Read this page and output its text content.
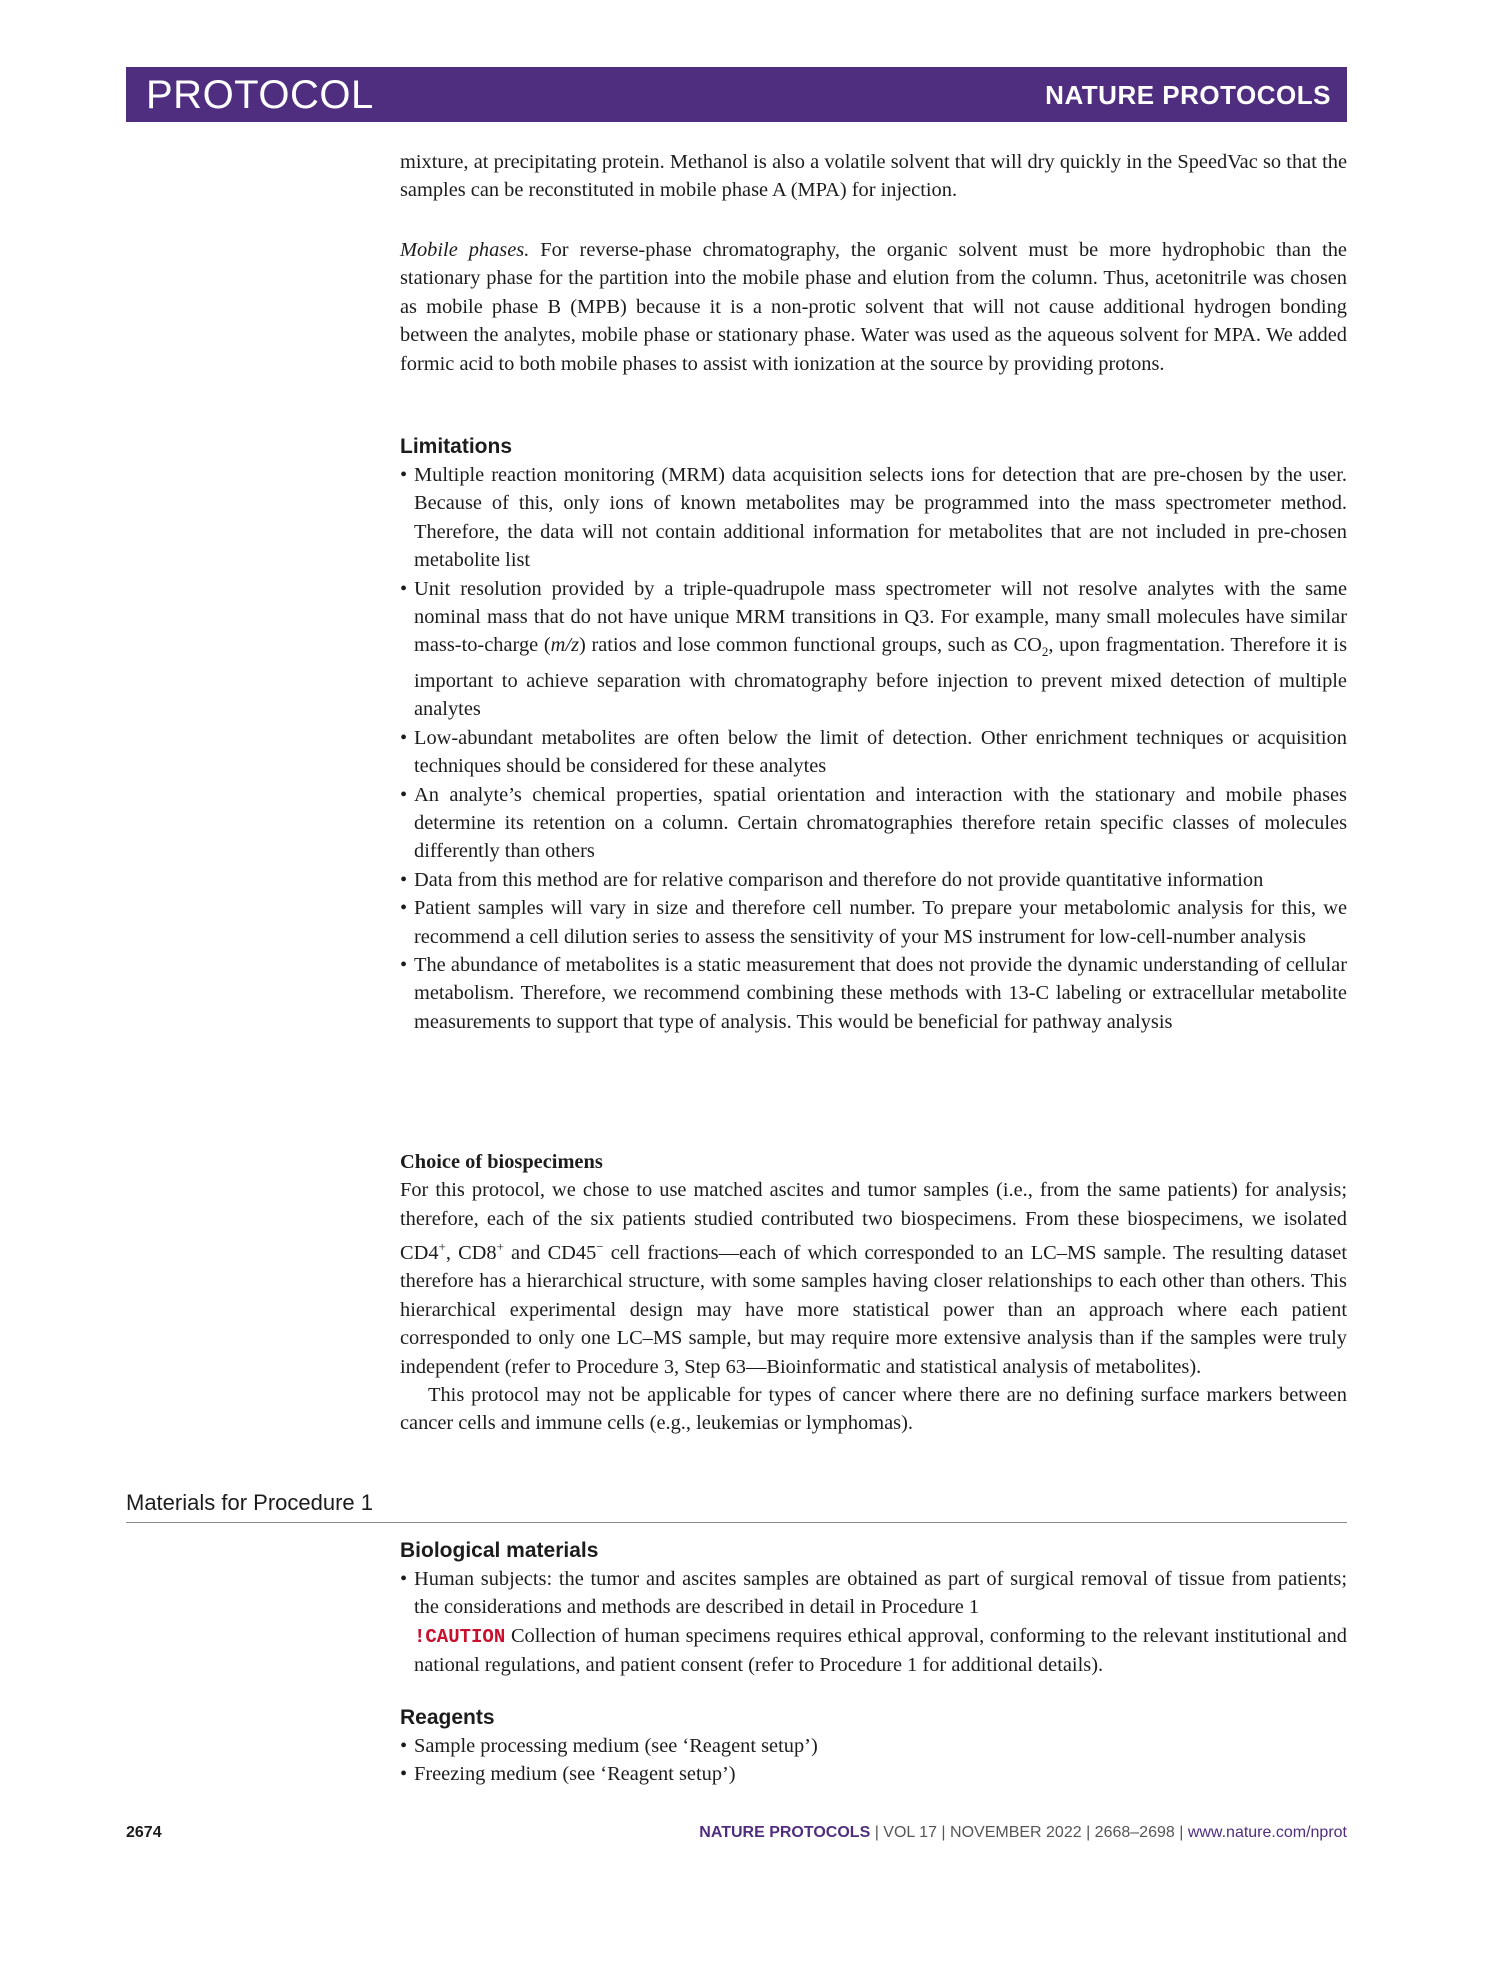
PROTOCOL	NATURE PROTOCOLS

mixture, at precipitating protein. Methanol is also a volatile solvent that will dry quickly in the SpeedVac so that the samples can be reconstituted in mobile phase A (MPA) for injection.

Mobile phases. For reverse-phase chromatography, the organic solvent must be more hydrophobic than the stationary phase for the partition into the mobile phase and elution from the column. Thus, acetonitrile was chosen as mobile phase B (MPB) because it is a non-protic solvent that will not cause additional hydrogen bonding between the analytes, mobile phase or stationary phase. Water was used as the aqueous solvent for MPA. We added formic acid to both mobile phases to assist with ionization at the source by providing protons.

Limitations
• Multiple reaction monitoring (MRM) data acquisition selects ions for detection that are pre-chosen by the user. Because of this, only ions of known metabolites may be programmed into the mass spectrometer method. Therefore, the data will not contain additional information for metabolites that are not included in pre-chosen metabolite list
• Unit resolution provided by a triple-quadrupole mass spectrometer will not resolve analytes with the same nominal mass that do not have unique MRM transitions in Q3. For example, many small molecules have similar mass-to-charge (m/z) ratios and lose common functional groups, such as $CO_2$, upon fragmentation. Therefore it is important to achieve separation with chromatography before injection to prevent mixed detection of multiple analytes
• Low-abundant metabolites are often below the limit of detection. Other enrichment techniques or acquisition techniques should be considered for these analytes
• An analyte’s chemical properties, spatial orientation and interaction with the stationary and mobile phases determine its retention on a column. Certain chromatographies therefore retain specific classes of molecules differently than others
• Data from this method are for relative comparison and therefore do not provide quantitative information
• Patient samples will vary in size and therefore cell number. To prepare your metabolomic analysis for this, we recommend a cell dilution series to assess the sensitivity of your MS instrument for low-cell-number analysis
• The abundance of metabolites is a static measurement that does not provide the dynamic understanding of cellular metabolism. Therefore, we recommend combining these methods with 13-C labeling or extracellular metabolite measurements to support that type of analysis. This would be beneficial for pathway analysis

Choice of biospecimens

For this protocol, we chose to use matched ascites and tumor samples (i.e., from the same patients) for analysis; therefore, each of the six patients studied contributed two biospecimens. From these biospecimens, we isolated CD4+, CD8+ and CD45− cell fractions—each of which corresponded to an LC–MS sample. The resulting dataset therefore has a hierarchical structure, with some samples having closer relationships to each other than others. This hierarchical experimental design may have more statistical power than an approach where each patient corresponded to only one LC–MS sample, but may require more extensive analysis than if the samples were truly independent (refer to Procedure 3, Step 63—Bioinformatic and statistical analysis of metabolites).

This protocol may not be applicable for types of cancer where there are no defining surface markers between cancer cells and immune cells (e.g., leukemias or lymphomas).

Materials for Procedure 1
Biological materials
• Human subjects: the tumor and ascites samples are obtained as part of surgical removal of tissue from patients; the considerations and methods are described in detail in Procedure 1

!CAUTION Collection of human specimens requires ethical approval, conforming to the relevant institutional and national regulations, and patient consent (refer to Procedure 1 for additional details).

Reagents
• Sample processing medium (see ‘Reagent setup’)
• Freezing medium (see ‘Reagent setup’)
2674	NATURE PROTOCOLS | VOL 17 | NOVEMBER 2022 | 2668–2698 | www.nature.com/nprot
